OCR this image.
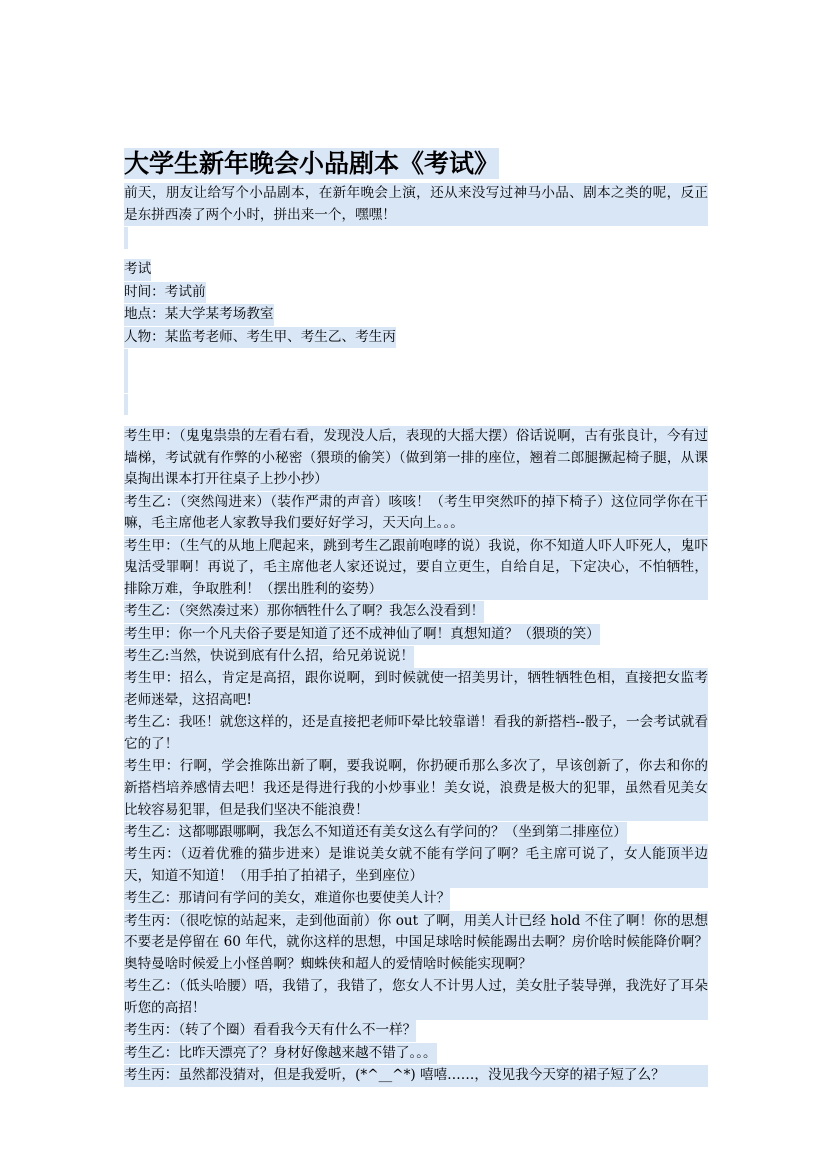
大学生新年晚会小品剧本《考试》
前天，朋友让给写个小品剧本，在新年晚会上演，还从来没写过神马小品、剧本之类的呢，反正是东拼西凑了两个小时，拼出来一个，嘿嘿！
考试
时间：考试前
地点：某大学某考场教室
人物：某监考老师、考生甲、考生乙、考生丙
考生甲：（鬼鬼祟祟的左看右看，发现没人后，表现的大摇大摆）俗话说啊，古有张良计，今有过墙梯，考试就有作弊的小秘密（猥琐的偷笑）（做到第一排的座位，翘着二郎腿撅起椅子腿，从课桌掏出课本打开往桌子上抄小抄）
考生乙：（突然闯进来）（装作严肃的声音）咳咳！（考生甲突然吓的掉下椅子）这位同学你在干嘛，毛主席他老人家教导我们要好好学习，天天向上。。。
考生甲：（生气的从地上爬起来，跳到考生乙跟前咆哮的说）我说，你不知道人吓人吓死人，鬼吓鬼活受罪啊！再说了，毛主席他老人家还说过，要自立更生，自给自足，下定决心，不怕牺牲，排除万难，争取胜利！（摆出胜利的姿势）
考生乙：（突然凑过来）那你牺牲什么了啊？我怎么没看到！
考生甲：你一个凡夫俗子要是知道了还不成神仙了啊！真想知道？（猥琐的笑）
考生乙:当然，快说到底有什么招，给兄弟说说！
考生甲：招么，肯定是高招，跟你说啊，到时候就使一招美男计，牺牲牺牲色相，直接把女监考老师迷晕，这招高吧!
考生乙：我呸！就您这样的，还是直接把老师吓晕比较靠谱！看我的新搭档--骰子，一会考试就看它的了！
考生甲：行啊，学会推陈出新了啊，要我说啊，你扔硬币那么多次了，早该创新了，你去和你的新搭档培养感情去吧！我还是得进行我的小炒事业！美女说，浪费是极大的犯罪，虽然看见美女比较容易犯罪，但是我们坚决不能浪费！
考生乙：这都哪跟哪啊，我怎么不知道还有美女这么有学问的？（坐到第二排座位）
考生丙：（迈着优雅的猫步进来）是谁说美女就不能有学问了啊？毛主席可说了，女人能顶半边天，知道不知道！（用手拍了拍裙子，坐到座位）
考生乙：那请问有学问的美女，难道你也要使美人计？
考生丙：（很吃惊的站起来，走到他面前）你 out 了啊，用美人计已经 hold 不住了啊！你的思想不要老是停留在 60 年代，就你这样的思想，中国足球啥时候能踢出去啊？房价啥时候能降价啊？奥特曼啥时候爱上小怪兽啊？蜘蛛侠和超人的爱情啥时候能实现啊？
考生乙：（低头哈腰）唔，我错了，我错了，您女人不计男人过，美女肚子装导弹，我洗好了耳朵听您的高招！
考生丙：（转了个圈）看看我今天有什么不一样？
考生乙：比昨天漂亮了？身材好像越来越不错了。。。
考生丙：虽然都没猜对，但是我爱听，(*^__^*) 嘻嘻……，没见我今天穿的裙子短了么？
